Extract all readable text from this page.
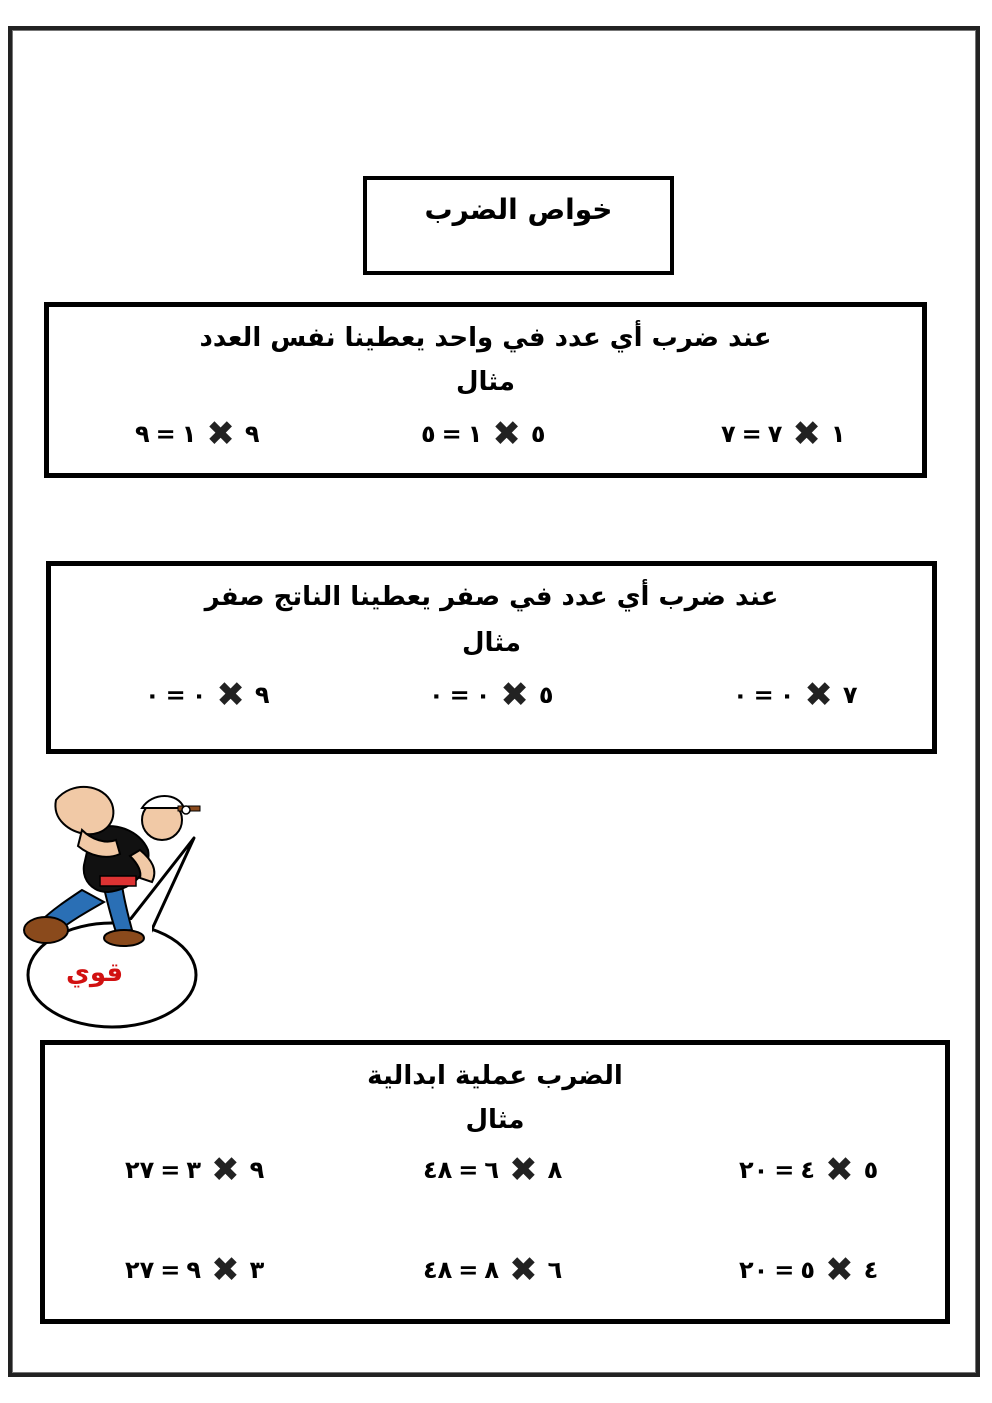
خواص الضرب
عند ضرب أي عدد في واحد يعطينا نفس العدد
مثال
٧ = ٧ ✖ ١
٥ = ١ ✖ ٥
٩ = ١ ✖ ٩
عند ضرب أي عدد في صفر يعطينا الناتج صفر
مثال
٠ = ٠ ✖ ٧
٠ = ٠ ✖ ٥
٠ = ٠ ✖ ٩
قوي
الضرب عملية ابدالية
مثال
٢٠ = ٤ ✖ ٥
٤٨ = ٦ ✖ ٨
٢٧ = ٣ ✖ ٩
٢٠ = ٥ ✖ ٤
٤٨ = ٨ ✖ ٦
٢٧ = ٩ ✖ ٣
